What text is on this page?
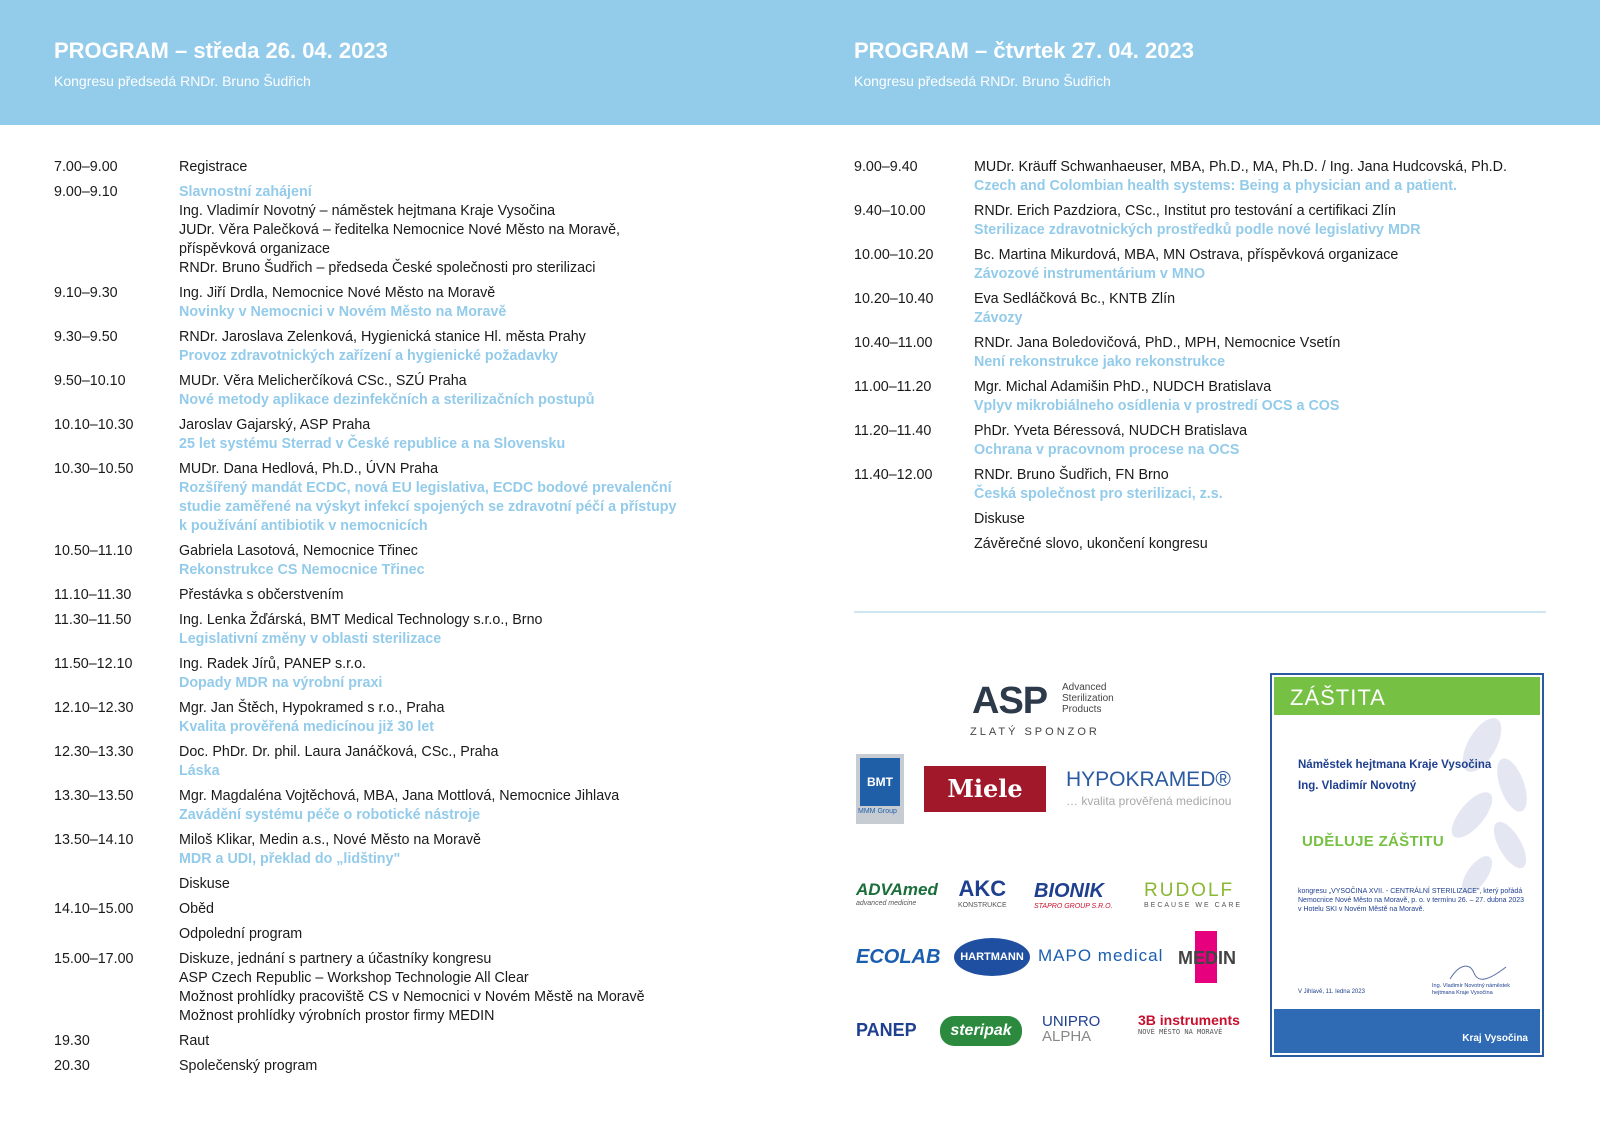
PROGRAM – středa 26. 04. 2023
Kongresu předsedá RNDr. Bruno Šudřich
PROGRAM – čtvrtek 27. 04. 2023
Kongresu předsedá RNDr. Bruno Šudřich
7.00–9.00	Registrace
9.00–9.10	Slavnostní zahájení
Ing. Vladimír Novotný – náměstek hejtmana Kraje Vysočina
JUDr. Věra Palečková – ředitelka Nemocnice Nové Město na Moravě,
příspěvková organizace
RNDr. Bruno Šudřich – předseda České společnosti pro sterilizaci
9.10–9.30	Ing. Jiří Drdla, Nemocnice Nové Město na Moravě
Novinky v Nemocnici v Novém Město na Moravě
9.30–9.50	RNDr. Jaroslava Zelenková, Hygienická stanice Hl. města Prahy
Provoz zdravotnických zařízení a hygienické požadavky
9.50–10.10	MUDr. Věra Melicherčíková CSc., SZÚ Praha
Nové metody aplikace dezinfekčních a sterilizačních postupů
10.10–10.30	Jaroslav Gajarský, ASP Praha
25 let systému Sterrad v České republice a na Slovensku
10.30–10.50	MUDr. Dana Hedlová, Ph.D., ÚVN Praha
Rozšířený mandát ECDC, nová EU legislativa, ECDC bodové prevalenční
studie zaměřené na výskyt infekcí spojených se zdravotní péčí a přístupy
k používání antibiotik v nemocnicích
10.50–11.10	Gabriela Lasotová, Nemocnice Třinec
Rekonstrukce CS Nemocnice Třinec
11.10–11.30	Přestávka s občerstvením
11.30–11.50	Ing. Lenka Žďárská, BMT Medical Technology s.r.o., Brno
Legislativní změny v oblasti sterilizace
11.50–12.10	Ing. Radek Jírů, PANEP s.r.o.
Dopady MDR na výrobní praxi
12.10–12.30	Mgr. Jan Štěch, Hypokramed s r.o., Praha
Kvalita prověřená medicínou již 30 let
12.30–13.30	Doc. PhDr. Dr. phil. Laura Janáčková, CSc., Praha
Láska
13.30–13.50	Mgr. Magdaléna Vojtěchová, MBA, Jana Mottlová, Nemocnice Jihlava
Zavádění systému péče o robotické nástroje
13.50–14.10	Miloš Klikar, Medin a.s., Nové Město na Moravě
MDR a UDI, překlad do „lidštiny"
Diskuse
14.10–15.00	Oběd
Odpolední program
15.00–17.00	Diskuze, jednání s partnery a účastníky kongresu
ASP Czech Republic – Workshop Technologie All Clear
Možnost prohlídky pracoviště CS v Nemocnici v Novém Městě na Moravě
Možnost prohlídky výrobních prostor firmy MEDIN
19.30	Raut
20.30	Společenský program
9.00–9.40	MUDr. Kräuff Schwanhaeuser, MBA, Ph.D., MA, Ph.D. / Ing. Jana Hudcovská, Ph.D.
Czech and Colombian health systems: Being a physician and a patient.
9.40–10.00	RNDr. Erich Pazdziora, CSc., Institut pro testování a certifikaci Zlín
Sterilizace zdravotnických prostředků podle nové legislativy MDR
10.00–10.20	Bc. Martina Mikurdová, MBA, MN Ostrava, příspěvková organizace
Závozové instrumentárium v MNO
10.20–10.40	Eva Sedláčková Bc., KNTB Zlín
Závozy
10.40–11.00	RNDr. Jana Boledovičová, PhD., MPH, Nemocnice Vsetín
Není rekonstrukce jako rekonstrukce
11.00–11.20	Mgr. Michal Adamišin PhD., NUDCH Bratislava
Vplyv mikrobiálneho osídlenia v prostredí OCS a COS
11.20–11.40	PhDr. Yveta Béressová, NUDCH Bratislava
Ochrana v pracovnom procese na OCS
11.40–12.00	RNDr. Bruno Šudřich, FN Brno
Česká společnost pro sterilizaci, z.s.
Diskuse
Závěrečné slovo, ukončení kongresu
ASP Advanced Sterilization Products
ZLATÝ SPONZOR
BMT
MMM Group
Miele	HYPOKRAMED®
… kvalita prověřená medicínou
ADVAmed
advanced medicine
AKC
KONSTRUKCE
BIONIK
STAPRO GROUP S.R.O.
RUDOLF
BECAUSE WE CARE
ECOLAB	HARTMANN MAPO medical MEDIN
PANEP	steripak
UNIPRO
ALPHA
3B instruments
NOVÉ MĚSTO NA MORAVĚ
ZÁŠTITA
Náměstek hejtmana Kraje Vysočina
Ing. Vladimír Novotný
UDĚLUJE ZÁŠTITU
kongresu „VYSOČINA XVII. - CENTRÁLNÍ STERILIZACE", který pořádá Nemocnice Nové Město na Moravě, p. o. v termínu 26. – 27. dubna 2023 v Hotelu SKI v Novém Městě na Moravě.
V Jihlavě, 11. ledna 2023
Ing. Vladimír Novotný náměstek hejtmana Kraje Vysočina
Kraj Vysočina
